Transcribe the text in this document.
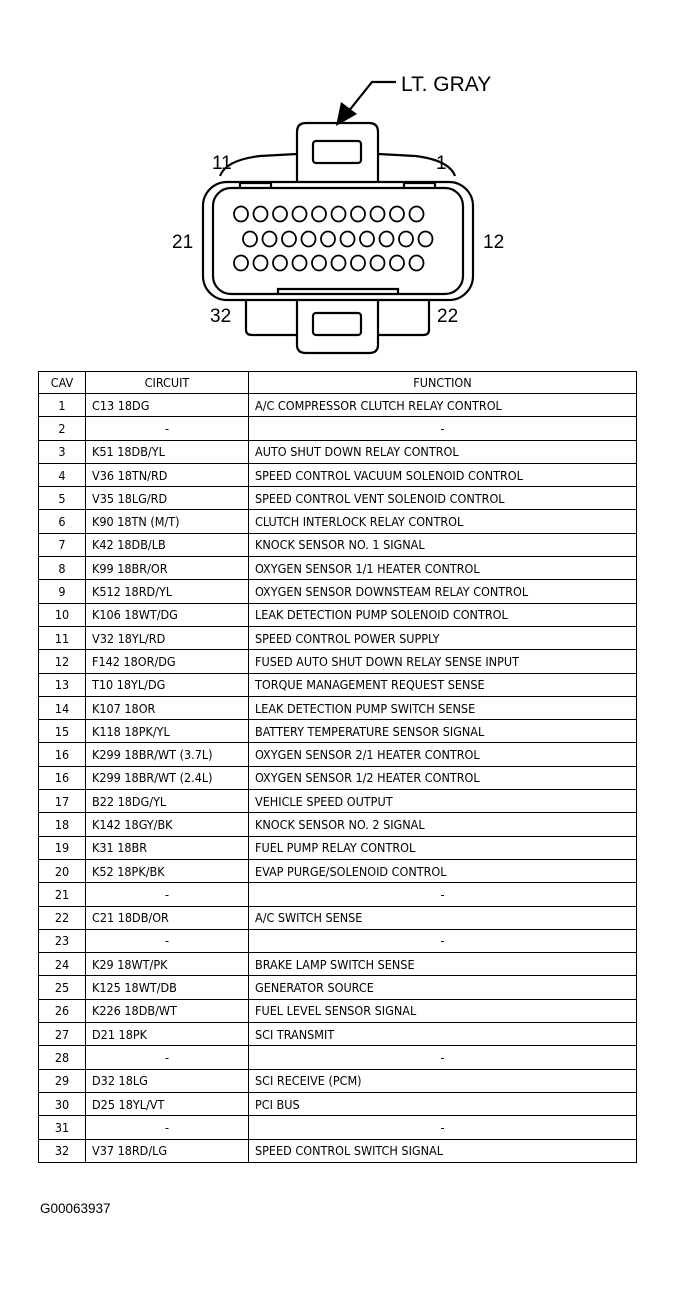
LT. GRAY
11	1
21	12
32	22
CAV	CIRCUIT	FUNCTION
1	C13 18DG	A/C COMPRESSOR CLUTCH RELAY CONTROL
2	-	-
3	K51 18DB/YL	AUTO SHUT DOWN RELAY CONTROL
4	V36 18TN/RD	SPEED CONTROL VACUUM SOLENOID CONTROL
5	V35 18LG/RD	SPEED CONTROL VENT SOLENOID CONTROL
6	K90 18TN (M/T)	CLUTCH INTERLOCK RELAY CONTROL
7	K42 18DB/LB	KNOCK SENSOR NO. 1 SIGNAL
8	K99 18BR/OR	OXYGEN SENSOR 1/1 HEATER CONTROL
9	K512 18RD/YL	OXYGEN SENSOR DOWNSTEAM RELAY CONTROL
10	K106 18WT/DG	LEAK DETECTION PUMP SOLENOID CONTROL
11	V32 18YL/RD	SPEED CONTROL POWER SUPPLY
12	F142 18OR/DG	FUSED AUTO SHUT DOWN RELAY SENSE INPUT
13	T10 18YL/DG	TORQUE MANAGEMENT REQUEST SENSE
14	K107 18OR	LEAK DETECTION PUMP SWITCH SENSE
15	K118 18PK/YL	BATTERY TEMPERATURE SENSOR SIGNAL
16	K299 18BR/WT (3.7L)	OXYGEN SENSOR 2/1 HEATER CONTROL
16	K299 18BR/WT (2.4L)	OXYGEN SENSOR 1/2 HEATER CONTROL
17	B22 18DG/YL	VEHICLE SPEED OUTPUT
18	K142 18GY/BK	KNOCK SENSOR NO. 2 SIGNAL
19	K31 18BR	FUEL PUMP RELAY CONTROL
20	K52 18PK/BK	EVAP PURGE/SOLENOID CONTROL
21	-	-
22	C21 18DB/OR	A/C SWITCH SENSE
23	-	-
24	K29 18WT/PK	BRAKE LAMP SWITCH SENSE
25	K125 18WT/DB	GENERATOR SOURCE
26	K226 18DB/WT	FUEL LEVEL SENSOR SIGNAL
27	D21 18PK	SCI TRANSMIT
28	-	-
29	D32 18LG	SCI RECEIVE (PCM)
30	D25 18YL/VT	PCI BUS
31	-	-
32	V37 18RD/LG	SPEED CONTROL SWITCH SIGNAL
G00063937
